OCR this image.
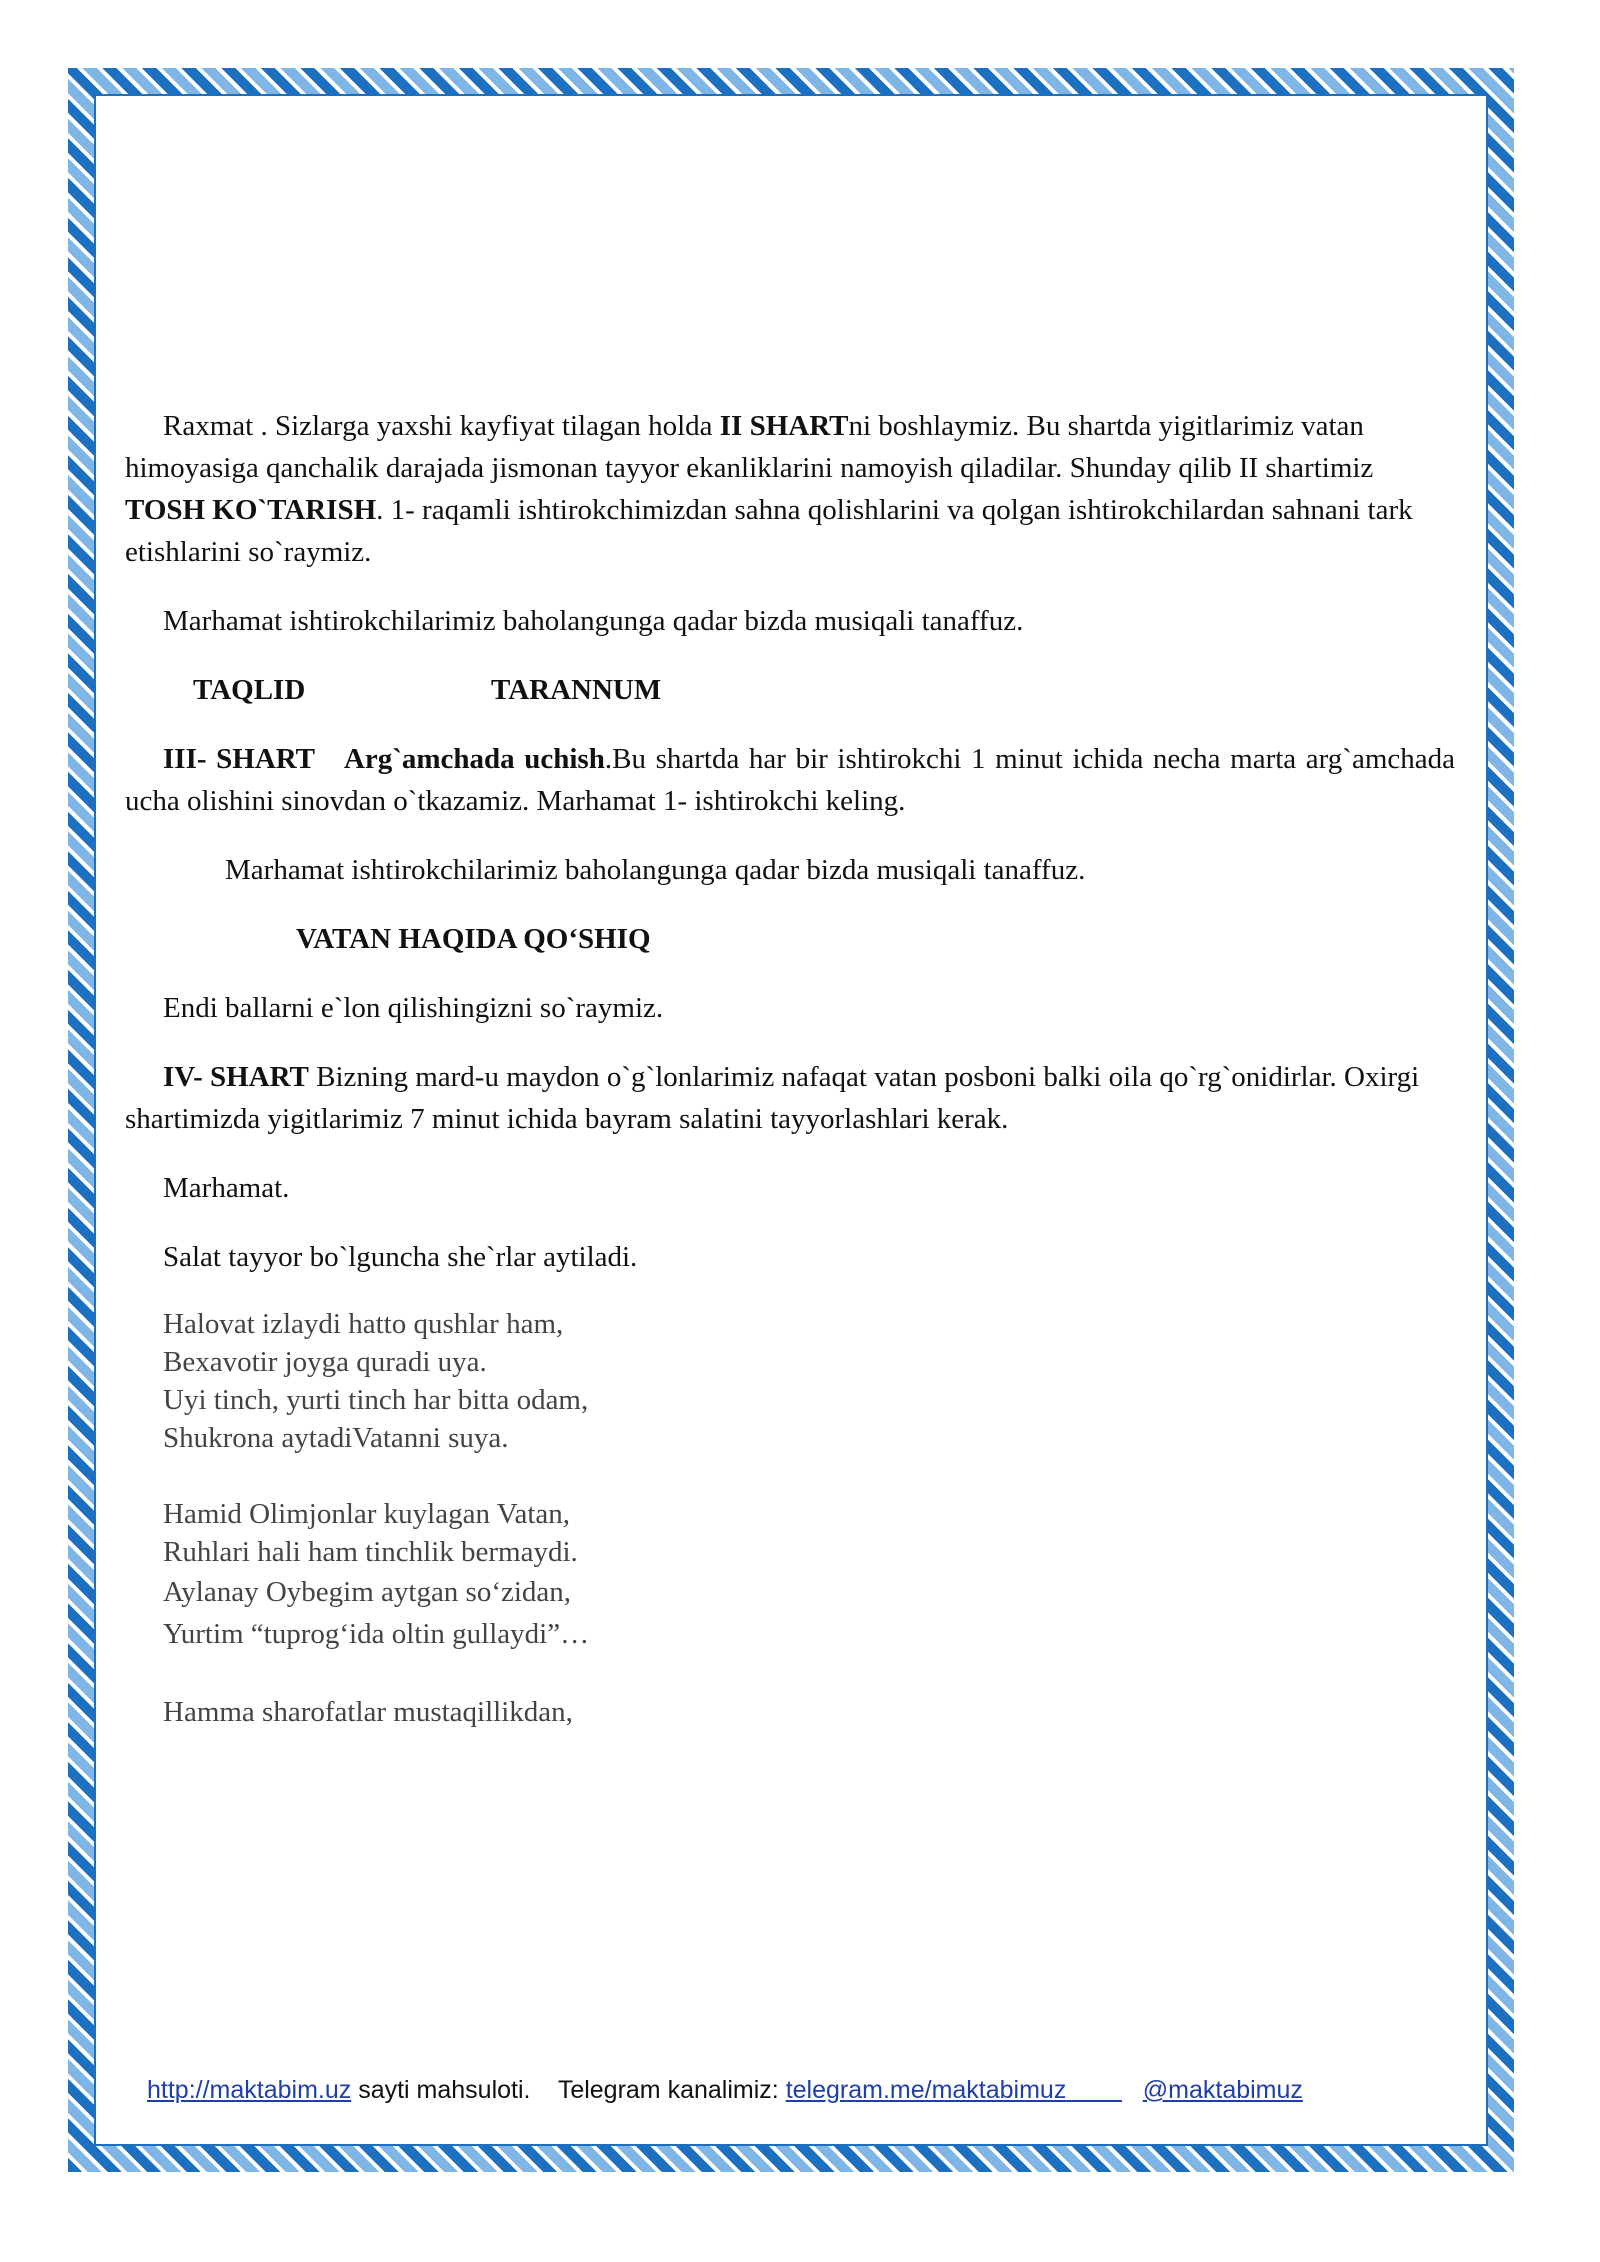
Raxmat . Sizlarga yaxshi kayfiyat tilagan holda II SHARTni boshlaymiz. Bu shartda yigitlarimiz vatan himoyasiga qanchalik darajada jismonan tayyor ekanliklarini namoyish qiladilar. Shunday qilib II shartimiz TOSH KO`TARISH. 1- raqamli ishtirokchimizdan sahna qolishlarini va qolgan ishtirokchilardan sahnani tark etishlarini so`raymiz.

Marhamat ishtirokchilarimiz baholangunga qadar bizda musiqali tanaffuz.

TAQLID	TARANNUM

III- SHART Arg`amchada uchish.Bu shartda har bir ishtirokchi 1 minut ichida necha marta arg`amchada ucha olishini sinovdan o`tkazamiz. Marhamat 1- ishtirokchi keling.

Marhamat ishtirokchilarimiz baholangunga qadar bizda musiqali tanaffuz.

VATAN HAQIDA QO‘SHIQ

Endi ballarni e`lon qilishingizni so`raymiz.

IV- SHART Bizning mard-u maydon o`g`lonlarimiz nafaqat vatan posboni balki oila qo`rg`onidirlar. Oxirgi shartimizda yigitlarimiz 7 minut ichida bayram salatini tayyorlashlari kerak.

Marhamat.

Salat tayyor bo`lguncha she`rlar aytiladi.

Halovat izlaydi hatto qushlar ham,
Bexavotir joyga quradi uya.
Uyi tinch, yurti tinch har bitta odam,
Shukrona aytadiVatanni suya.
Hamid Olimjonlar kuylagan Vatan,
Ruhlari hali ham tinchlik bermaydi.
Aylanay Oybegim aytgan so‘zidan,
Yurtim “tuprog‘ida oltin gullaydi”…
Hamma sharofatlar mustaqillikdan,
http://maktabim.uz sayti mahsuloti.    Telegram kanalimiz: telegram.me/maktabimuz	@maktabimuz
